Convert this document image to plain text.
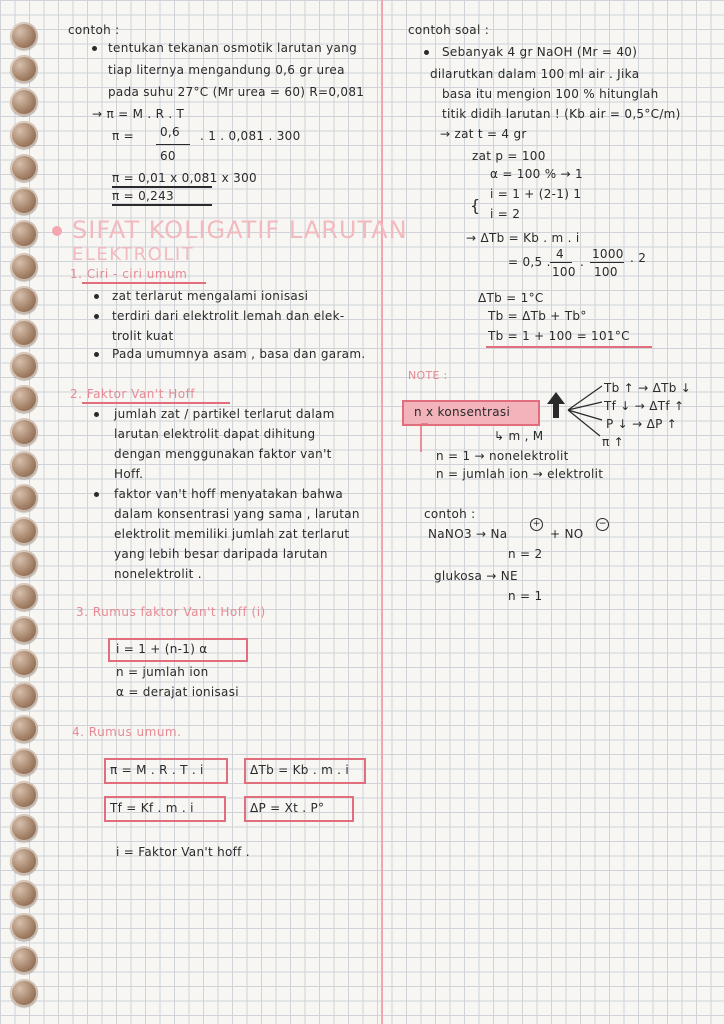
contoh :
tentukan tekanan osmotik larutan yang
tiap liternya mengandung 0,6 gr urea
pada suhu 27°C (Mr urea = 60) R=0,081
→ π = M . R . T
π = 0,6
60
. 1 . 0,081 . 300
π = 0,01 x 0,081 x 300
π = 0,243
SIFAT KOLIGATIF LARUTAN
ELEKTROLIT
1. Ciri - ciri umum
zat terlarut mengalami ionisasi
terdiri dari elektrolit lemah dan elek-
trolit kuat
Pada umumnya asam , basa dan garam.
2. Faktor Van't Hoff
jumlah zat / partikel terlarut dalam
larutan elektrolit dapat dihitung
dengan menggunakan faktor van't
Hoff.
faktor van't hoff menyatakan bahwa
dalam konsentrasi yang sama , larutan
elektrolit memiliki jumlah zat terlarut
yang lebih besar daripada larutan
nonelektrolit .
3. Rumus faktor Van't Hoff (i)
i = 1 + (n-1) α
n = jumlah ion
α = derajat ionisasi
4. Rumus umum.
π = M . R . T . i	ΔTb = Kb . m . i
Tf = Kf . m . i	ΔP = Xt . P°
i = Faktor Van't hoff .
contoh soal :
Sebanyak 4 gr NaOH (Mr = 40)
dilarutkan dalam 100 ml air . Jika
basa itu mengion 100 % hitunglah
titik didih larutan ! (Kb air = 0,5°C/m)
→ zat t = 4 gr
zat p = 100
α = 100 % → 1
i = 1 + (2-1) 1
{ i = 2
→ ΔTb = Kb . m . i
= 0,5 .
4
100
.
1000
100
. 2
ΔTb = 1°C
Tb = ΔTb + Tb°
Tb = 1 + 100 = 101°C
NOTE :
n x konsentrasi
Tb ↑ → ΔTb ↓
Tf ↓ → ΔTf ↑
P ↓ → ΔP ↑
π ↑
↳ m , M
n = 1 → nonelektrolit
n = jumlah ion → elektrolit
contoh :
NaNO3 → Na
+
+ NO
−
n = 2
glukosa → NE
n = 1
